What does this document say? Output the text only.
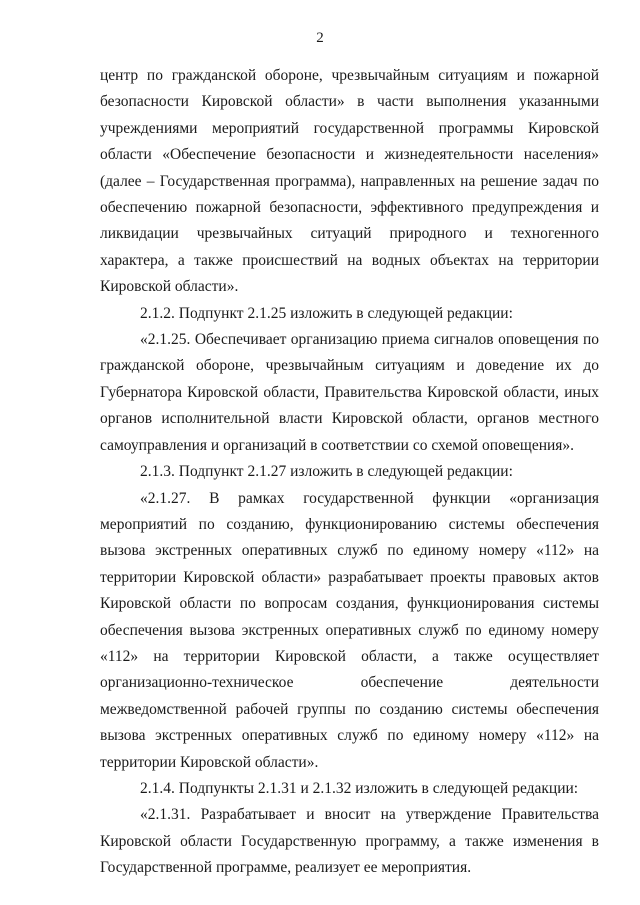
2

центр по гражданской обороне, чрезвычайным ситуациям и пожарной безопасности Кировской области» в части выполнения указанными учреждениями мероприятий государственной программы Кировской области «Обеспечение безопасности и жизнедеятельности населения» (далее – Государственная программа), направленных на решение задач по обеспечению пожарной безопасности, эффективного предупреждения и ликвидации чрезвычайных ситуаций природного и техногенного характера, а также происшествий на водных объектах на территории Кировской области».

2.1.2. Подпункт 2.1.25 изложить в следующей редакции:

«2.1.25. Обеспечивает организацию приема сигналов оповещения по гражданской обороне, чрезвычайным ситуациям и доведение их до Губернатора Кировской области, Правительства Кировской области, иных органов исполнительной власти Кировской области, органов местного самоуправления и организаций в соответствии со схемой оповещения».

2.1.3. Подпункт 2.1.27 изложить в следующей редакции:

«2.1.27. В рамках государственной функции «организация мероприятий по созданию, функционированию системы обеспечения вызова экстренных оперативных служб по единому номеру «112» на территории Кировской области» разрабатывает проекты правовых актов Кировской области по вопросам создания, функционирования системы обеспечения вызова экстренных оперативных служб по единому номеру «112» на территории Кировской области, а также осуществляет организационно-техническое обеспечение деятельности межведомственной рабочей группы по созданию системы обеспечения вызова экстренных оперативных служб по единому номеру «112» на территории Кировской области».

2.1.4. Подпункты 2.1.31 и 2.1.32 изложить в следующей редакции:

«2.1.31. Разрабатывает и вносит на утверждение Правительства Кировской области Государственную программу, а также изменения в Государственной программе, реализует ее мероприятия.
